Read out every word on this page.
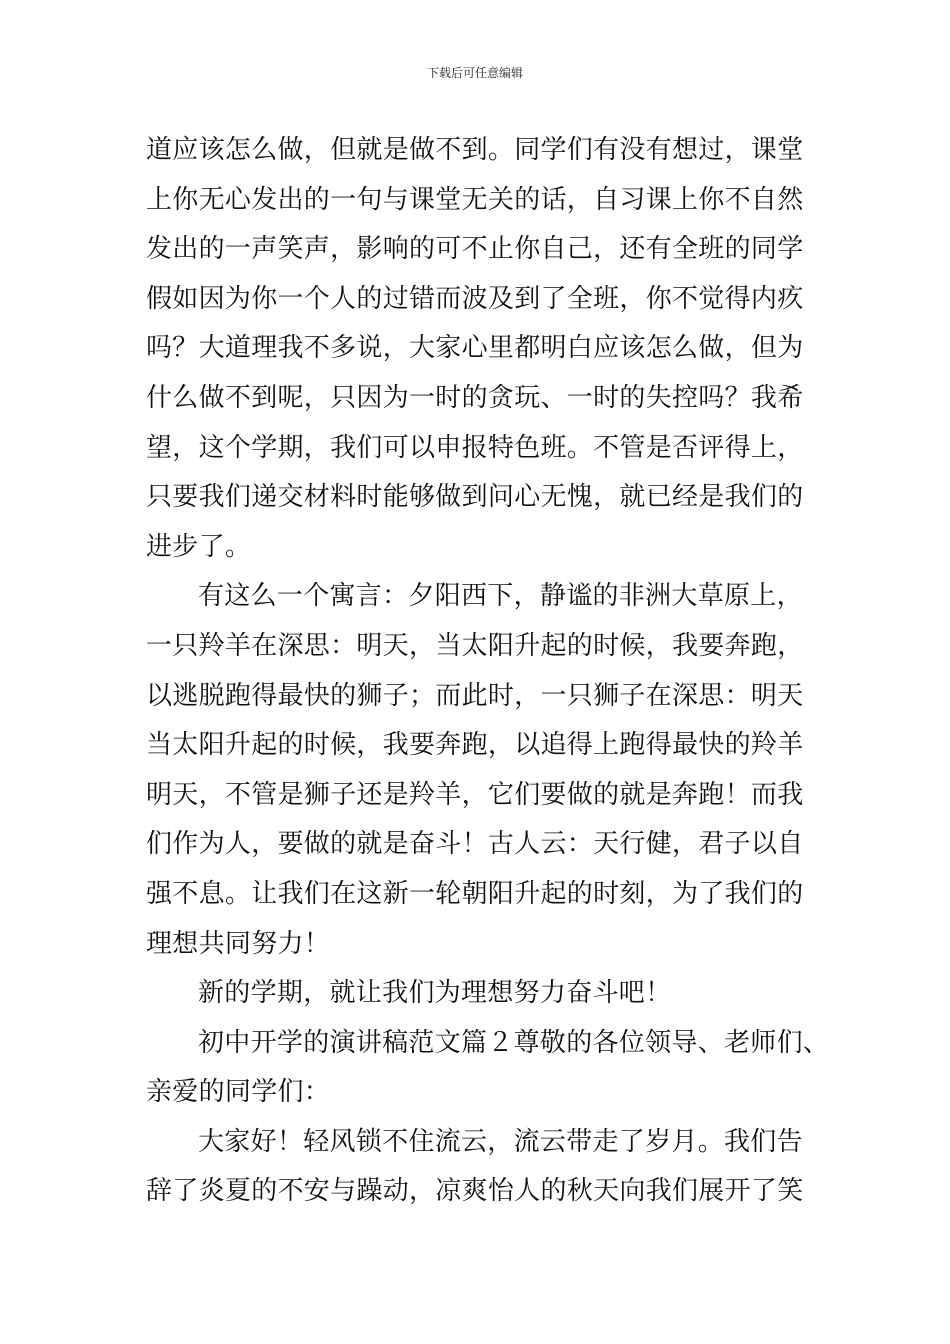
下载后可任意编辑
道应该怎么做，但就是做不到。同学们有没有想过，课堂
上你无心发出的一句与课堂无关的话，自习课上你不自然
发出的一声笑声，影响的可不止你自己，还有全班的同学
假如因为你一个人的过错而波及到了全班，你不觉得内疚
吗？大道理我不多说，大家心里都明白应该怎么做，但为
什么做不到呢，只因为一时的贪玩、一时的失控吗？我希
望，这个学期，我们可以申报特色班。不管是否评得上，
只要我们递交材料时能够做到问心无愧，就已经是我们的
进步了。
有这么一个寓言：夕阳西下，静谧的非洲大草原上，
一只羚羊在深思：明天，当太阳升起的时候，我要奔跑，
以逃脱跑得最快的狮子；而此时，一只狮子在深思：明天
当太阳升起的时候，我要奔跑，以追得上跑得最快的羚羊
明天，不管是狮子还是羚羊，它们要做的就是奔跑！而我
们作为人，要做的就是奋斗！古人云：天行健，君子以自
强不息。让我们在这新一轮朝阳升起的时刻，为了我们的
理想共同努力！
新的学期，就让我们为理想努力奋斗吧！
初中开学的演讲稿范文篇２尊敬的各位领导、老师们、
亲爱的同学们：
大家好！轻风锁不住流云，流云带走了岁月。我们告
辞了炎夏的不安与躁动，凉爽怡人的秋天向我们展开了笑
